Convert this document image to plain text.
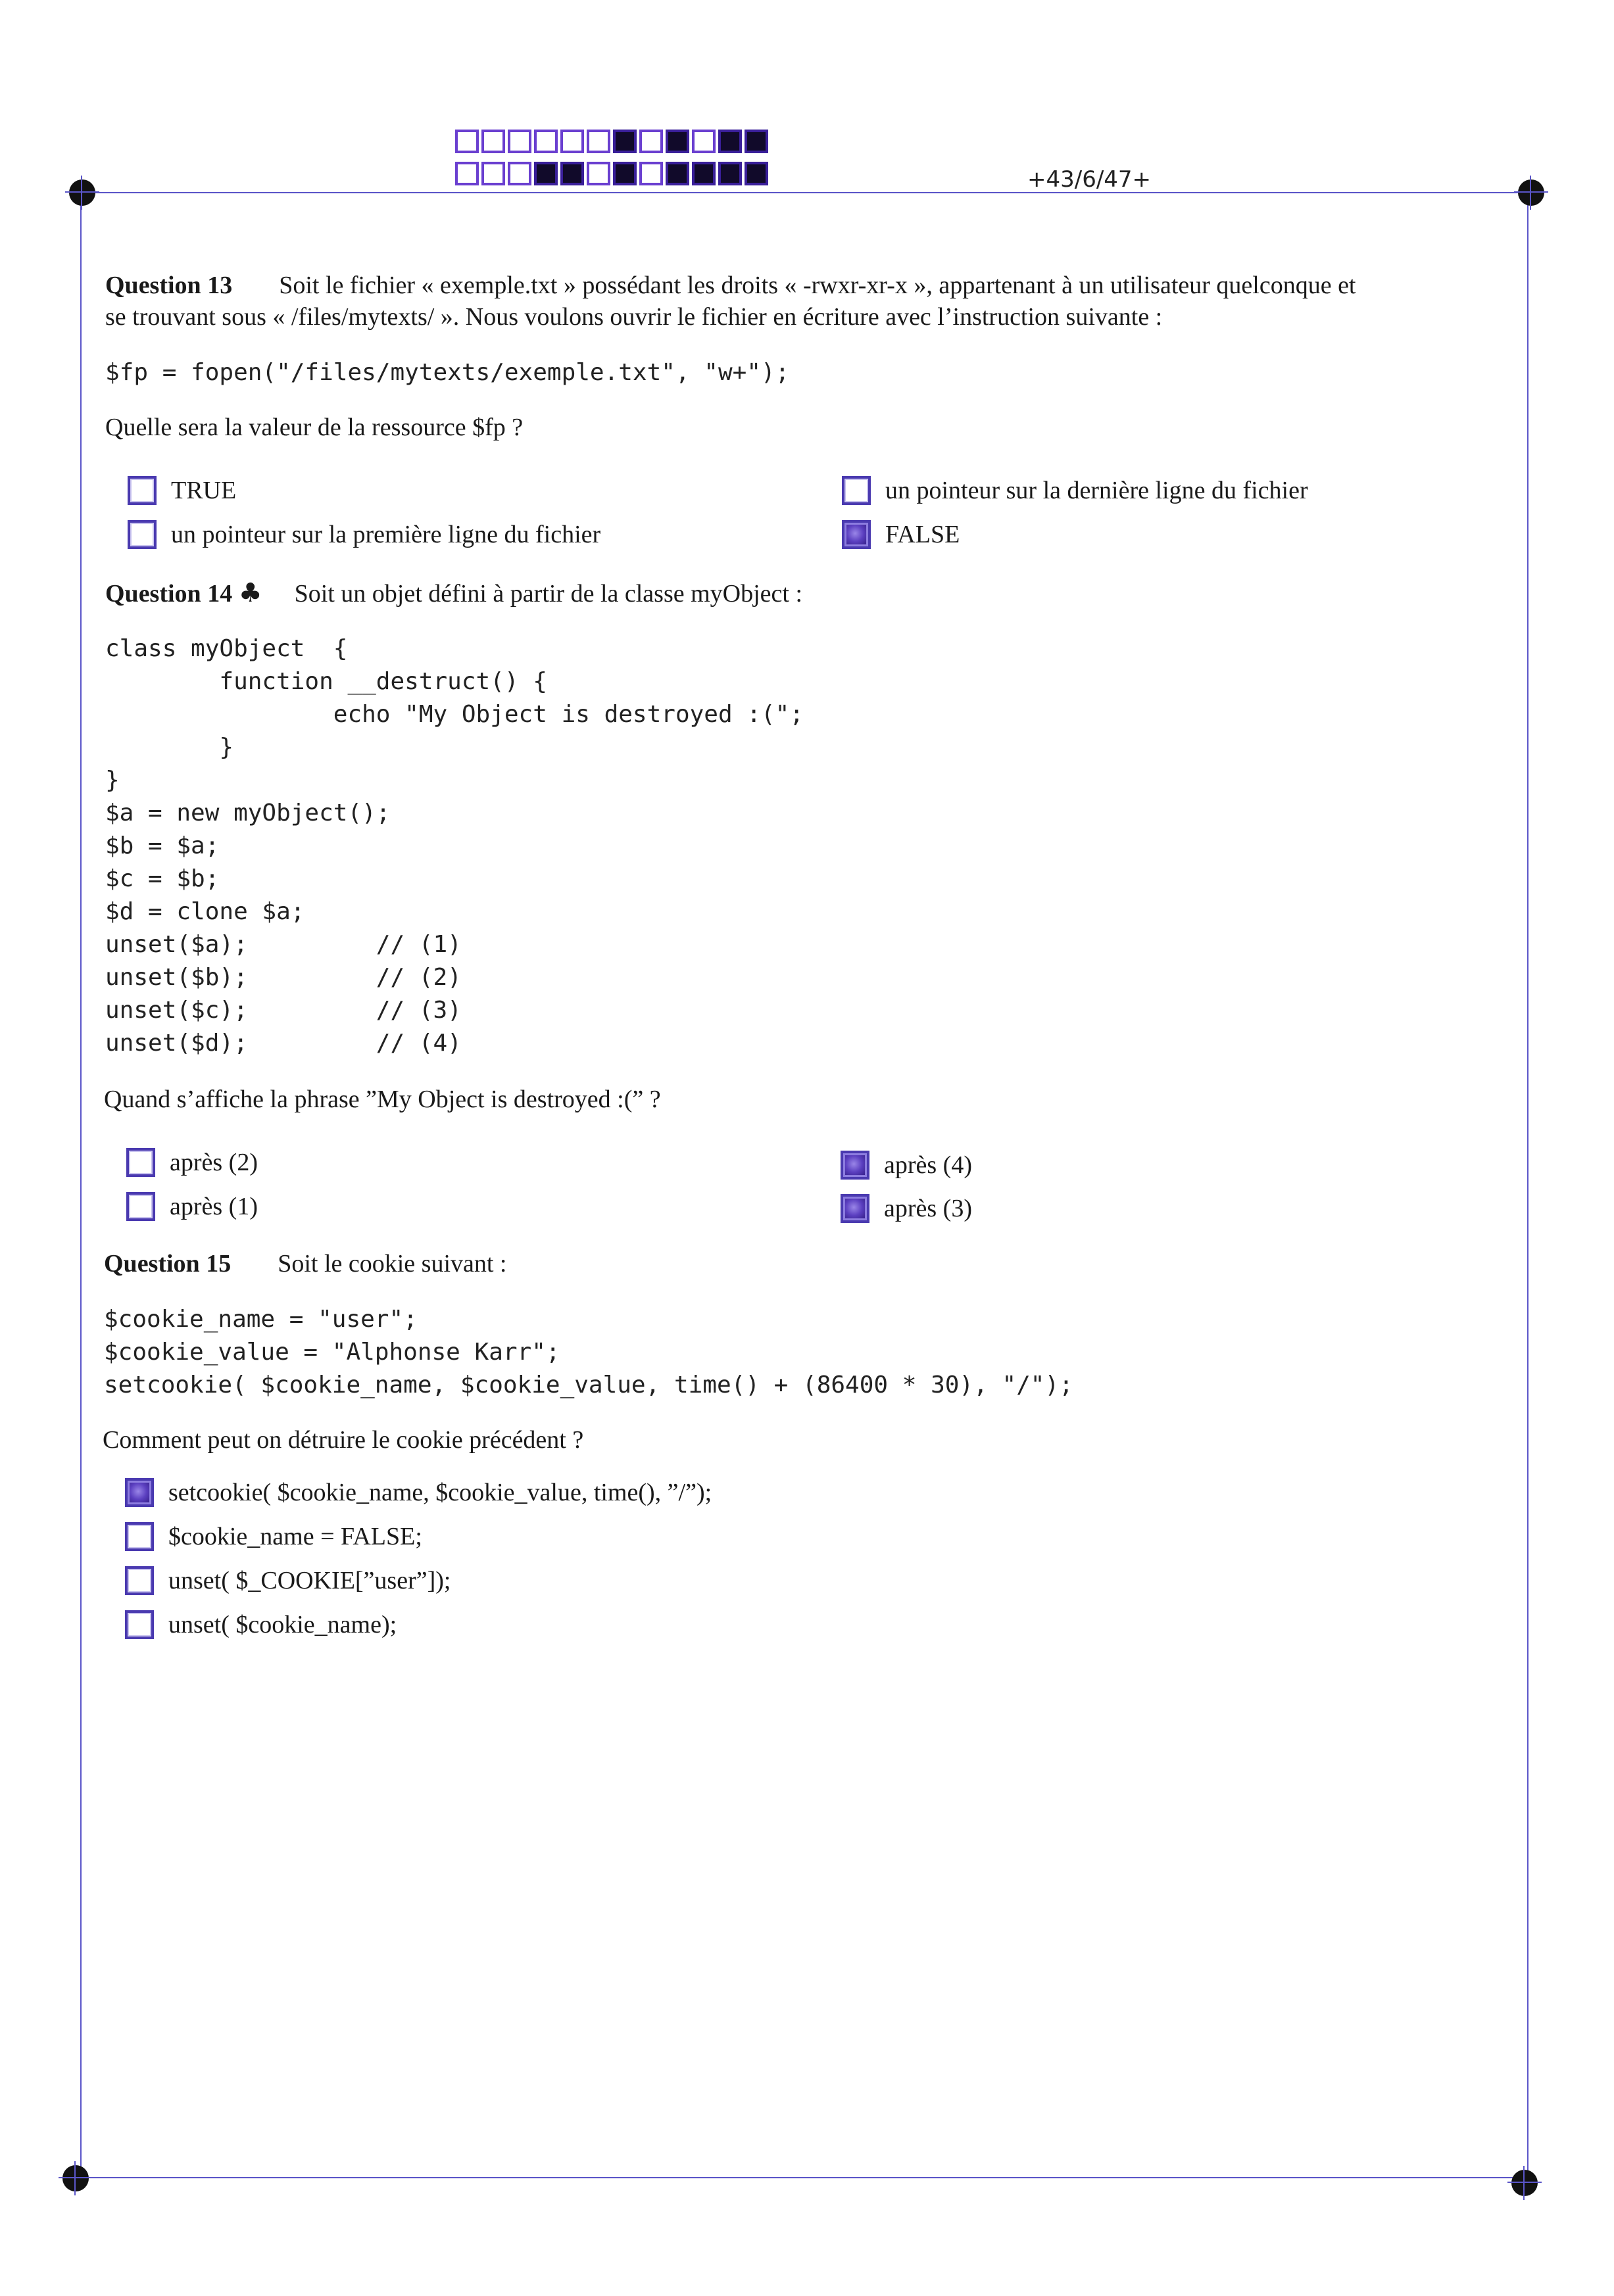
+43/6/47+
Question 13 Soit le fichier « exemple.txt » possédant les droits « -rwxr-xr-x », appartenant à un utilisateur quelconque et
se trouvant sous « /files/mytexts/ ». Nous voulons ouvrir le fichier en écriture avec l’instruction suivante :
$fp = fopen("/files/mytexts/exemple.txt", "w+");
Quelle sera la valeur de la ressource $fp ?
TRUE	un pointeur sur la dernière ligne du fichier
un pointeur sur la première ligne du fichier	FALSE
Question 14 ♣ Soit un objet défini à partir de la classe myObject :
class myObject  {
function __destruct() {
echo "My Object is destroyed :(";
}
}
$a = new myObject();
$b = $a;
$c = $b;
$d = clone $a;
unset($a);         // (1)
unset($b);         // (2)
unset($c);         // (3)
unset($d);         // (4)
Quand s’affiche la phrase ”My Object is destroyed :(” ?
après (2)	après (4)
après (1)	après (3)
Question 15 Soit le cookie suivant :
$cookie_name = "user";
$cookie_value = "Alphonse Karr";
setcookie( $cookie_name, $cookie_value, time() + (86400 * 30), "/");
Comment peut on détruire le cookie précédent ?
setcookie( $cookie_name, $cookie_value, time(), ”/”);
$cookie_name = FALSE;
unset( $_COOKIE[”user”]);
unset( $cookie_name);
